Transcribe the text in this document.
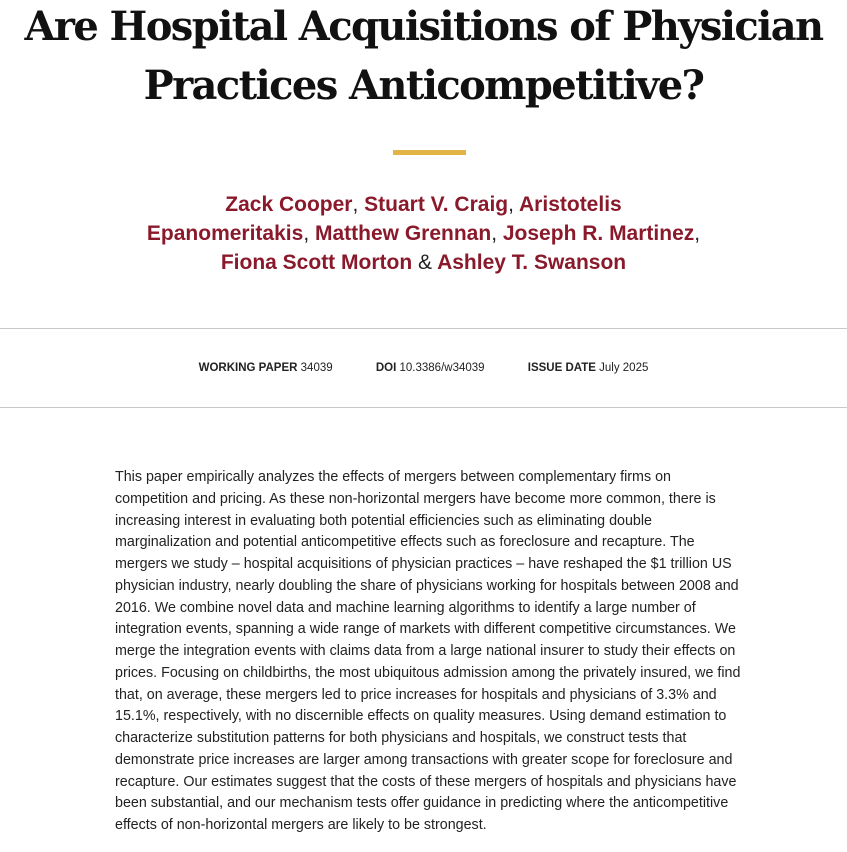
Are Hospital Acquisitions of Physician
Practices Anticompetitive?
Zack Cooper, Stuart V. Craig, Aristotelis
Epanomeritakis, Matthew Grennan, Joseph R. Martinez,
Fiona Scott Morton & Ashley T. Swanson
WORKING PAPER 34039	DOI 10.3386/w34039	ISSUE DATE July 2025

This paper empirically analyzes the effects of mergers between complementary firms on competition and pricing. As these non-horizontal mergers have become more common, there is increasing interest in evaluating both potential efficiencies such as eliminating double marginalization and potential anticompetitive effects such as foreclosure and recapture. The mergers we study – hospital acquisitions of physician practices – have reshaped the $1 trillion US physician industry, nearly doubling the share of physicians working for hospitals between 2008 and 2016. We combine novel data and machine learning algorithms to identify a large number of integration events, spanning a wide range of markets with different competitive circumstances. We merge the integration events with claims data from a large national insurer to study their effects on prices. Focusing on childbirths, the most ubiquitous admission among the privately insured, we find that, on average, these mergers led to price increases for hospitals and physicians of 3.3% and 15.1%, respectively, with no discernible effects on quality measures. Using demand estimation to characterize substitution patterns for both physicians and hospitals, we construct tests that demonstrate price increases are larger among transactions with greater scope for foreclosure and recapture. Our estimates suggest that the costs of these mergers of hospitals and physicians have been substantial, and our mechanism tests offer guidance in predicting where the anticompetitive effects of non-horizontal mergers are likely to be strongest.
